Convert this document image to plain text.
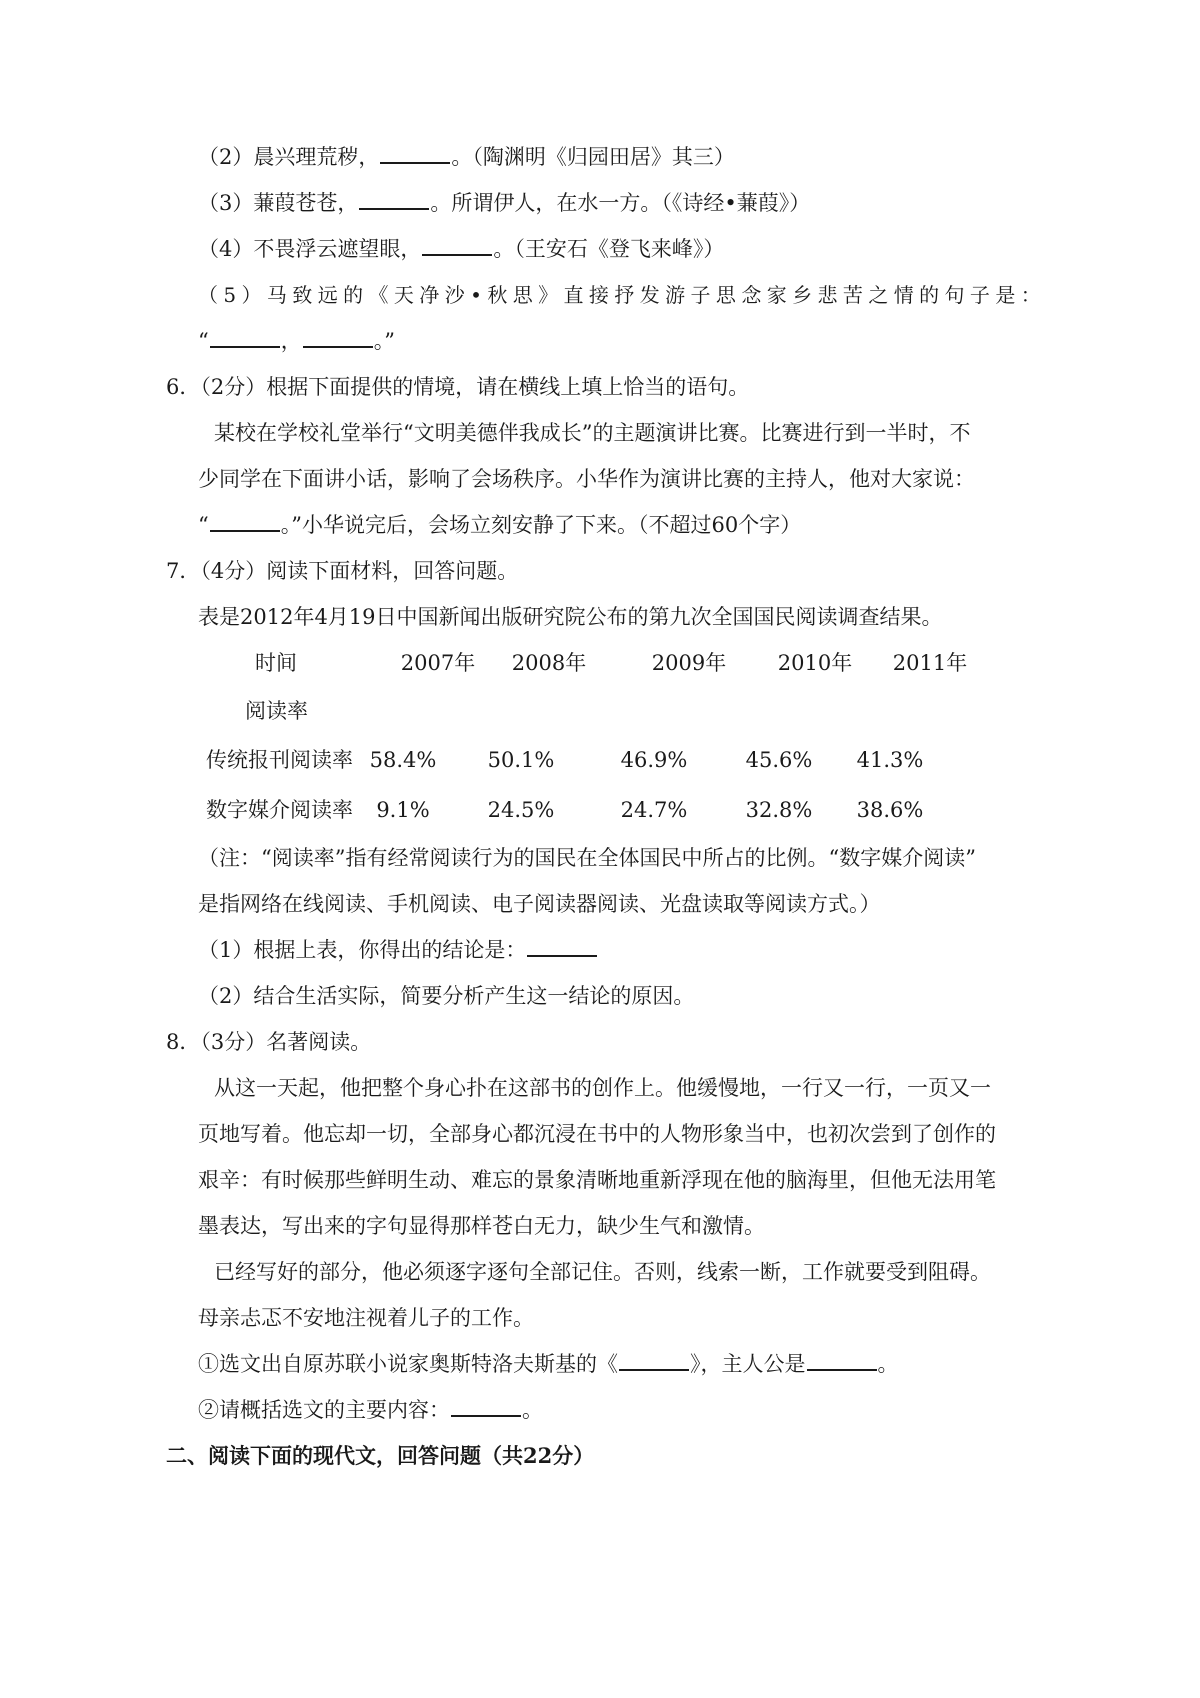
（2）晨兴理荒秽，	。（陶渊明《归园田居》其三）
（3）蒹葭苍苍，	。所谓伊人，在水一方。（《诗经•蒹葭》）
（4）不畏浮云遮望眼，	。（王安石《登飞来峰》）
（5）马致远的《天净沙•秋思》直接抒发游子思念家乡悲苦之情的句子是：
“	，	。”
6．（2分）根据下面提供的情境，请在横线上填上恰当的语句。
某校在学校礼堂举行“文明美德伴我成长”的主题演讲比赛。比赛进行到一半时，不
少同学在下面讲小话，影响了会场秩序。小华作为演讲比赛的主持人，他对大家说：
“	。”小华说完后，会场立刻安静了下来。（不超过60个字）
7．（4分）阅读下面材料，回答问题。
表是2012年4月19日中国新闻出版研究院公布的第九次全国国民阅读调查结果。
时间	2007年	2008年	2009年	2010年	2011年
阅读率
传统报刊阅读率 58.4%	50.1%	46.9%	45.6%	41.3%
数字媒介阅读率	9.1%	24.5%	24.7%	32.8%	38.6%
（注：“阅读率”指有经常阅读行为的国民在全体国民中所占的比例。“数字媒介阅读”
是指网络在线阅读、手机阅读、电子阅读器阅读、光盘读取等阅读方式。）
（1）根据上表，你得出的结论是：
（2）结合生活实际，简要分析产生这一结论的原因。
8．（3分）名著阅读。
从这一天起，他把整个身心扑在这部书的创作上。他缓慢地，一行又一行，一页又一
页地写着。他忘却一切，全部身心都沉浸在书中的人物形象当中，也初次尝到了创作的
艰辛：有时候那些鲜明生动、难忘的景象清晰地重新浮现在他的脑海里，但他无法用笔
墨表达，写出来的字句显得那样苍白无力，缺少生气和激情。
已经写好的部分，他必须逐字逐句全部记住。否则，线索一断，工作就要受到阻碍。
母亲忐忑不安地注视着儿子的工作。
①选文出自原苏联小说家奥斯特洛夫斯基的《	》，主人公是	。
②请概括选文的主要内容：	。
二、阅读下面的现代文，回答问题（共22分）
